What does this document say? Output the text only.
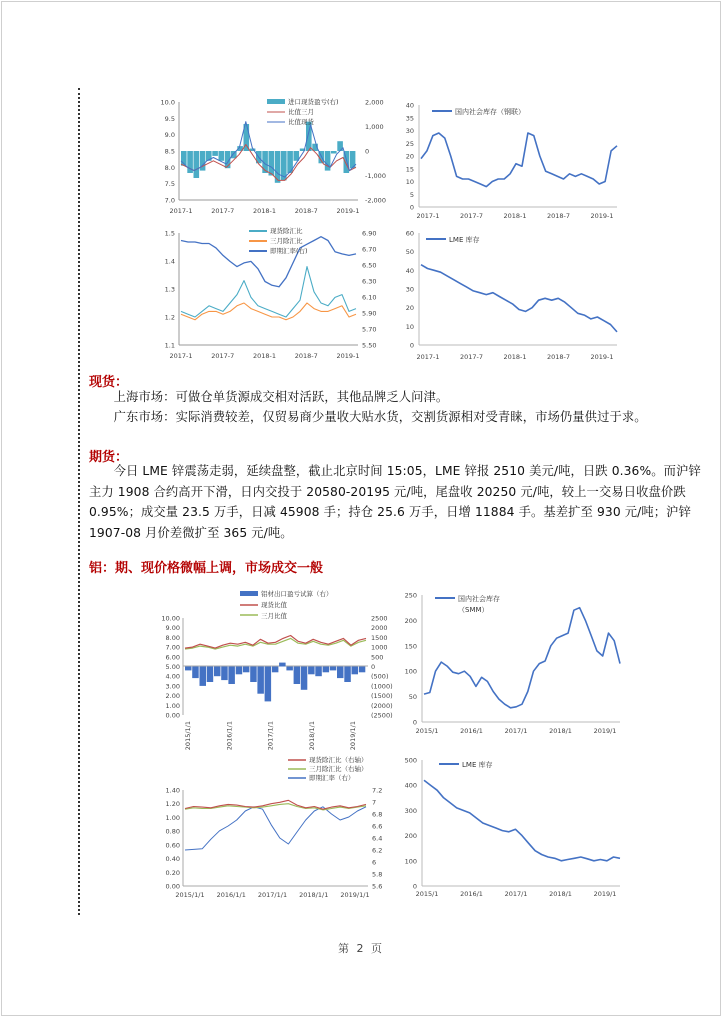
10.0
9.5
9.0
8.5
8.0
7.5
7.0
2,000
1,000
0
-1,000
-2,000
2017-1	2017-7	2018-1	2018-7	2019-1
进口现货盈亏(右)
比值三月
比值现货
40
35
30
25
20
15
10
5
0
2017-1	2017-7	2018-1	2018-7	2019-1
国内社会库存（钢联）
1.5
1.4
1.3
1.2
1.1
6.90
6.70
6.50
6.30
6.10
5.90
5.70
5.50
2017-1	2017-7	2018-1	2018-7	2019-1
现货除汇比
三月除汇比
即期汇率(右)
60
50
40
30
20
10
0
2017-1	2017-7	2018-1	2018-7	2019-1
LME 库存
现货：
上海市场：可做仓单货源成交相对活跃，其他品牌乏人问津。
广东市场：实际消费较差，仅贸易商少量收大贴水货，交割货源相对受青睐，市场仍量供过于求。
期货：
今日 LME 锌震荡走弱，延续盘整，截止北京时间 15:05，LME 锌报 2510 美元/吨，日跌 0.36%。而沪锌主力 1908 合约高开下滑，日内交投于 20580-20195 元/吨，尾盘收 20250 元/吨，较上一交易日收盘价跌 0.95%；成交量 23.5 万手，日减 45908 手；持仓 25.6 万手，日增 11884 手。基差扩至 930 元/吨；沪锌 1907-08 月价差微扩至 365 元/吨。
铝：期、现价格微幅上调，市场成交一般
10.00
9.00
8.00
7.00
6.00
5.00
4.00
3.00
2.00
1.00
0.00
2500
2000
1500
1000
500
0
(500)
(1000)
(1500)
(2000)
(2500)
2015/1/1	2016/1/1	2017/1/1	2018/1/1	2019/1/1
铝材出口盈亏试算（右）
现货比值
三月比值
250
200
150
100
50
0
2015/1	2016/1	2017/1	2018/1	2019/1
国内社会库存
（SMM）
1.40
1.20
1.00
0.80
0.60
0.40
0.20
0.00
7.2
7
6.8
6.6
6.4
6.2
6
5.8
5.6
2015/1/1 2016/1/1 2017/1/1 2018/1/1 2019/1/1
现货除汇比（右轴）
三月除汇比（右轴）
即期汇率（右）
500
400
300
200
100
0
2015/1	2016/1	2017/1	2018/1	2019/1
LME 库存
第 2 页
